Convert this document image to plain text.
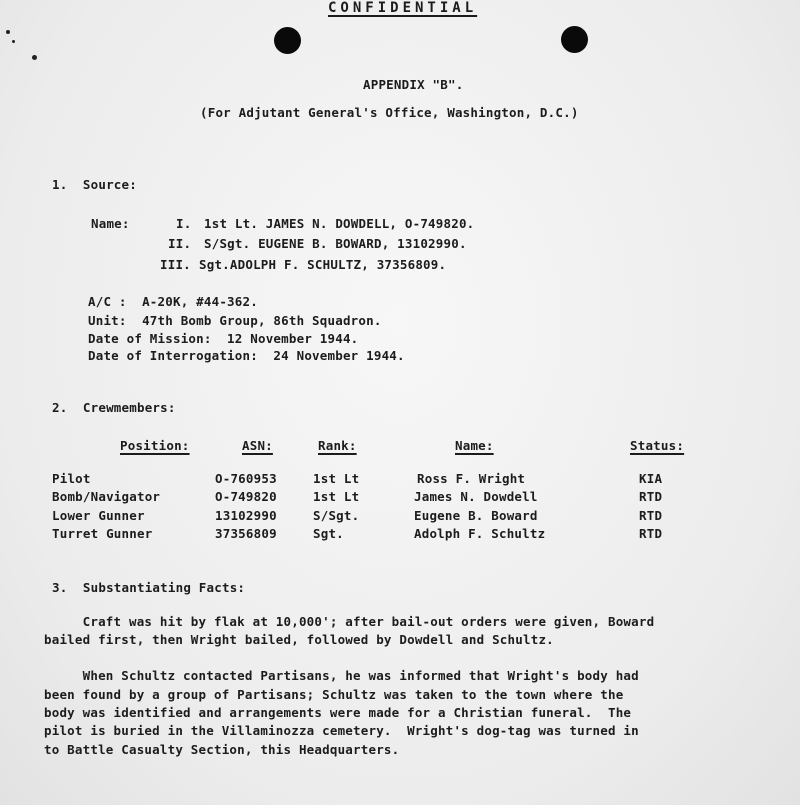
CONFIDENTIAL
APPENDIX "B".
(For Adjutant General's Office, Washington, D.C.)
1.  Source:
Name:	I. 1st Lt. JAMES N. DOWDELL, O-749820.
II. S/Sgt. EUGENE B. BOWARD, 13102990.
III. Sgt.ADOLPH F. SCHULTZ, 37356809.
A/C :  A-20K, #44-362.
Unit:  47th Bomb Group, 86th Squadron.
Date of Mission:  12 November 1944.
Date of Interrogation:  24 November 1944.
2.  Crewmembers:
Position:	ASN:	Rank:	Name:	Status:
Pilot	O-760953	1st Lt	Ross F. Wright	KIA
Bomb/Navigator	O-749820	1st Lt	James N. Dowdell	RTD
Lower Gunner	13102990	S/Sgt.	Eugene B. Boward	RTD
Turret Gunner	37356809	Sgt.	Adolph F. Schultz	RTD
3.  Substantiating Facts:
Craft was hit by flak at 10,000'; after bail-out orders were given, Boward
bailed first, then Wright bailed, followed by Dowdell and Schultz.
When Schultz contacted Partisans, he was informed that Wright's body had
been found by a group of Partisans; Schultz was taken to the town where the
body was identified and arrangements were made for a Christian funeral.  The
pilot is buried in the Villaminozza cemetery.  Wright's dog-tag was turned in
to Battle Casualty Section, this Headquarters.
